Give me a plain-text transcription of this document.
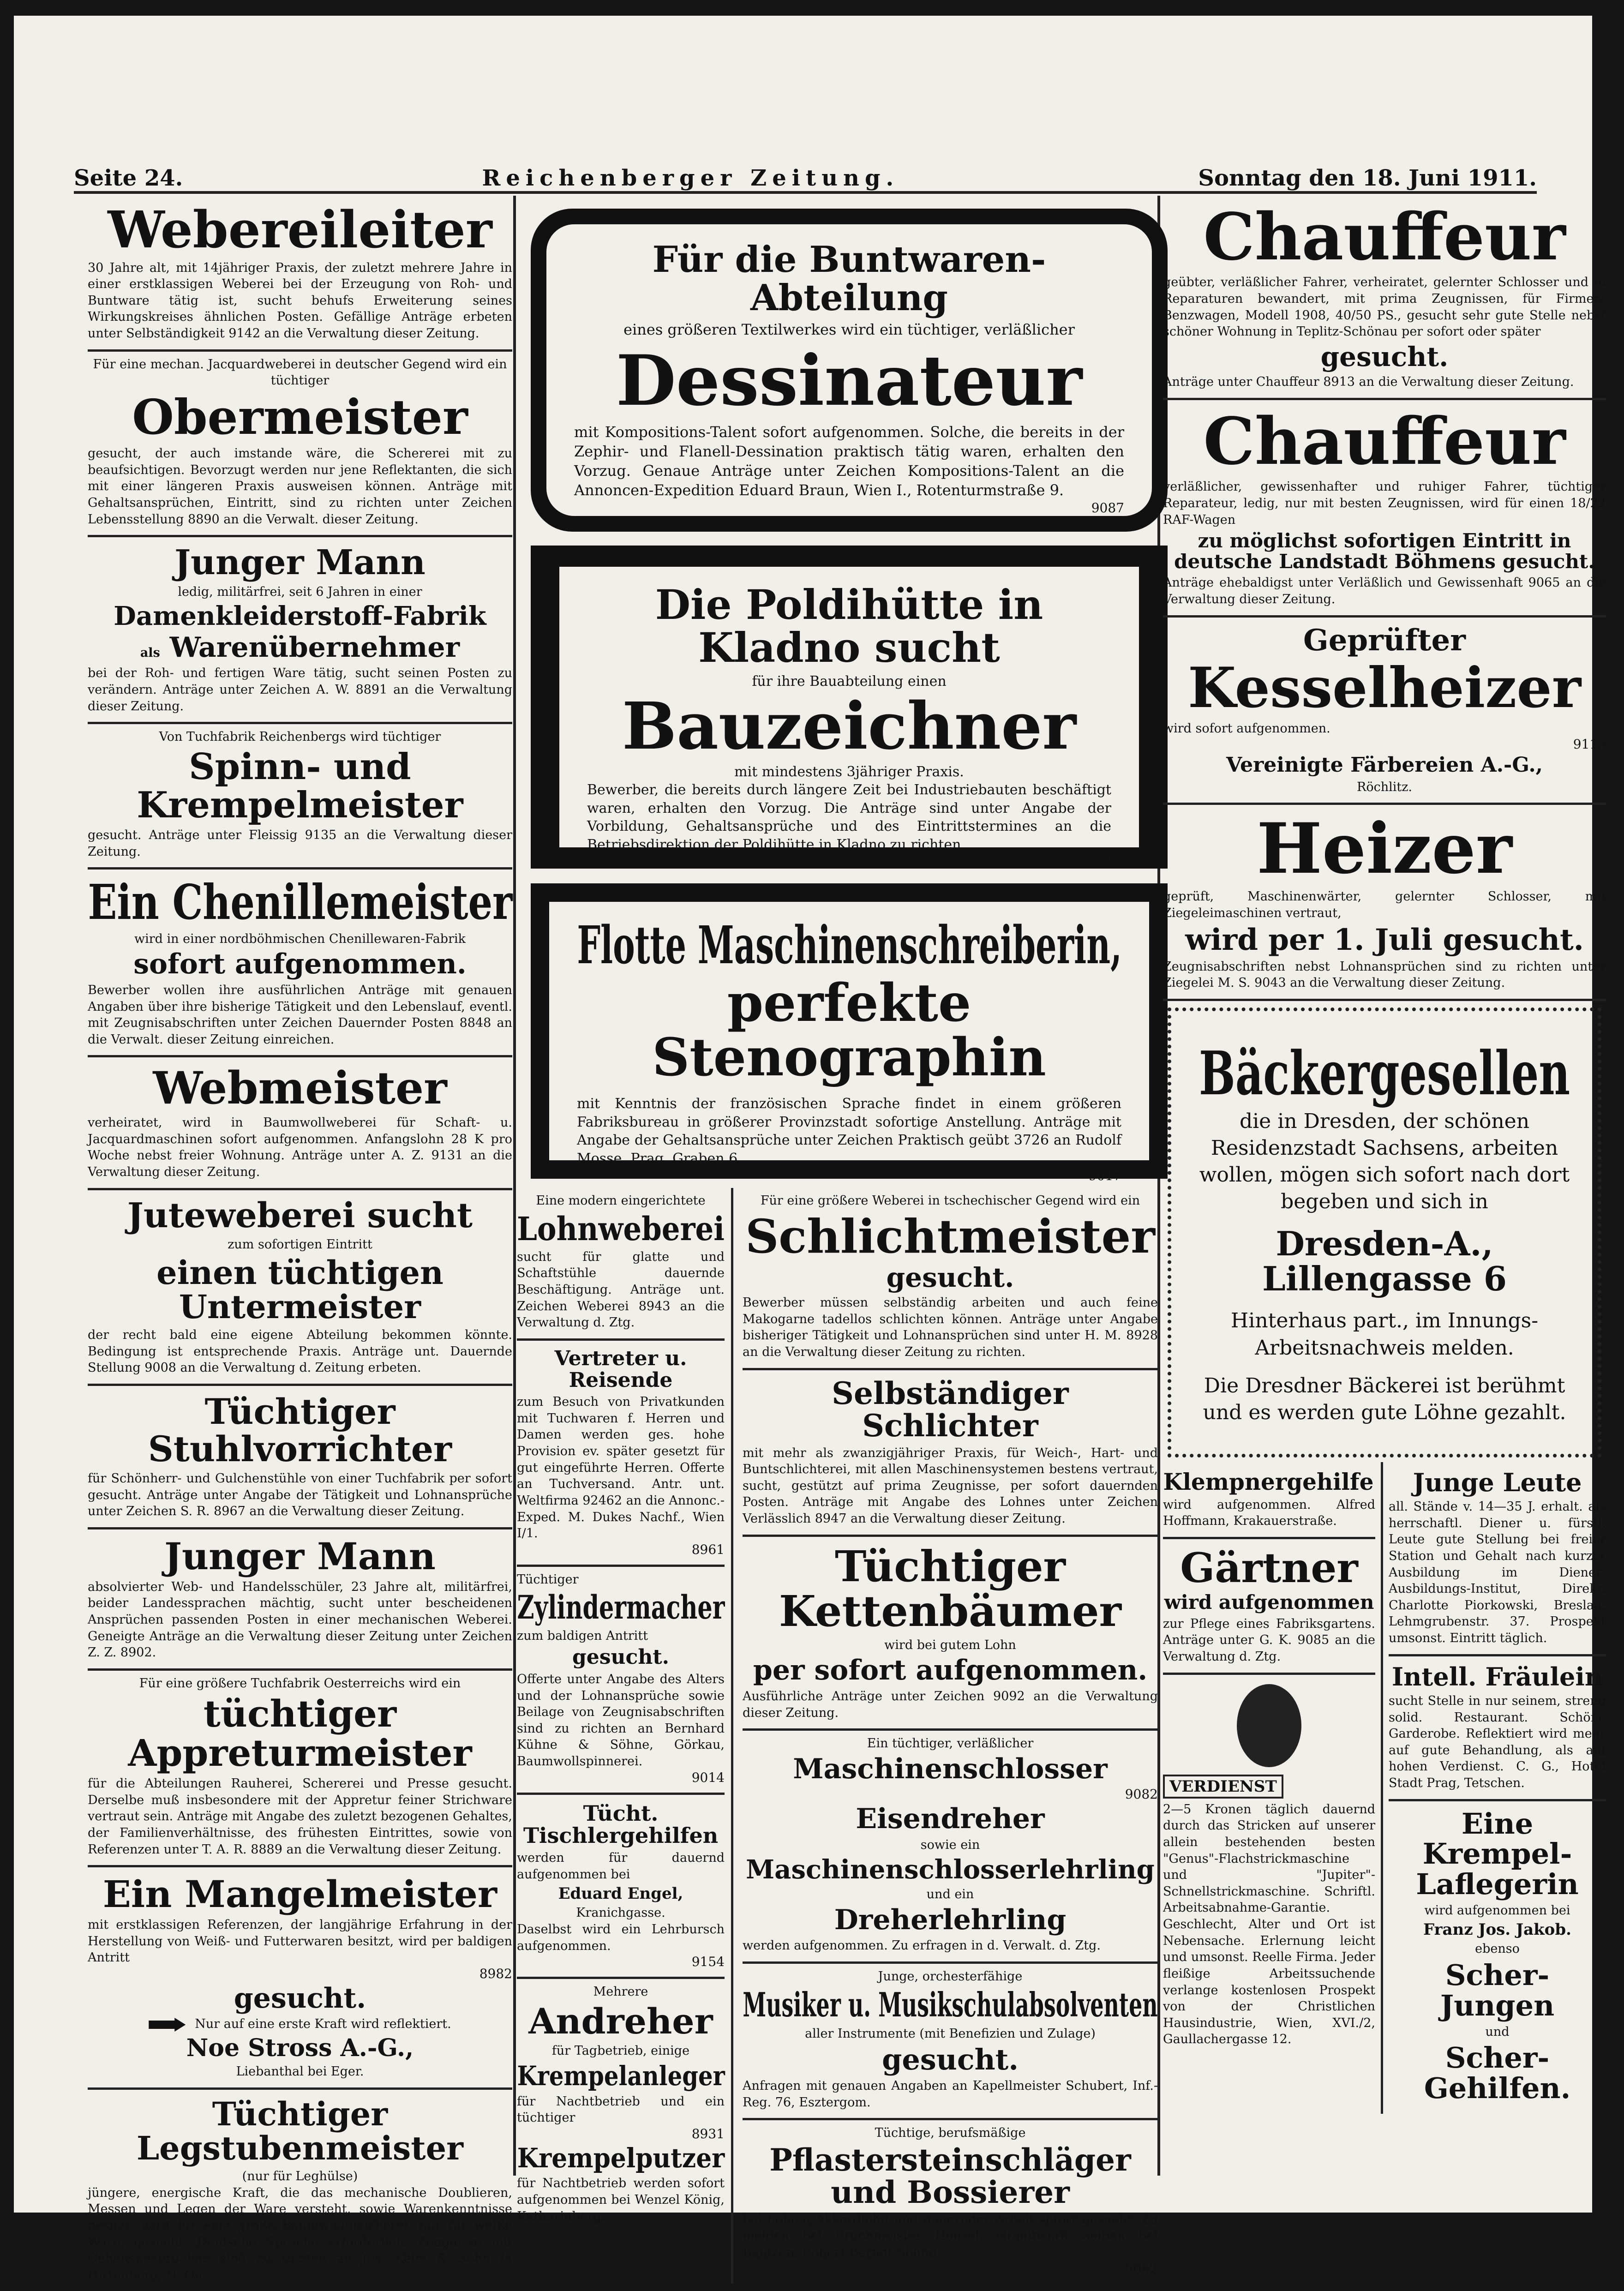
Seite 24.	Reichenberger Zeitung.	Sonntag den 18. Juni 1911.
Webereileiter
30 Jahre alt, mit 14jähriger Praxis, der zuletzt mehrere Jahre in einer erstklassigen Weberei bei der Erzeugung von Roh- und Buntware tätig ist, sucht behufs Erweiterung seines Wirkungskreises ähnlichen Posten. Gefällige Anträge erbeten unter Selbständigkeit 9142 an die Verwaltung dieser Zeitung.
Für eine mechan. Jacquardweberei in deutscher Gegend wird ein tüchtiger
Obermeister
gesucht, der auch imstande wäre, die Schererei mit zu beaufsichtigen. Bevorzugt werden nur jene Reflektanten, die sich mit einer längeren Praxis ausweisen können. Anträge mit Gehaltsansprüchen, Eintritt, sind zu richten unter Zeichen Lebensstellung 8890 an die Verwalt. dieser Zeitung.
Junger Mann
ledig, militärfrei, seit 6 Jahren in einer
Damenkleiderstoff-Fabrik
als Warenübernehmer
bei der Roh- und fertigen Ware tätig, sucht seinen Posten zu verändern. Anträge unter Zeichen A. W. 8891 an die Verwaltung dieser Zeitung.
Von Tuchfabrik Reichenbergs wird tüchtiger
Spinn- und Krempelmeister
gesucht. Anträge unter Fleissig 9135 an die Verwaltung dieser Zeitung.
Ein Chenillemeister
wird in einer nordböhmischen Chenillewaren-Fabrik
sofort aufgenommen.
Bewerber wollen ihre ausführlichen Anträge mit genauen Angaben über ihre bisherige Tätigkeit und den Lebenslauf, eventl. mit Zeugnisabschriften unter Zeichen Dauernder Posten 8848 an die Verwalt. dieser Zeitung einreichen.
Webmeister
verheiratet, wird in Baumwollweberei für Schaft- u. Jacquardmaschinen sofort aufgenommen. Anfangslohn 28 K pro Woche nebst freier Wohnung. Anträge unter A. Z. 9131 an die Verwaltung dieser Zeitung.
Juteweberei sucht
zum sofortigen Eintritt
einen tüchtigen Untermeister
der recht bald eine eigene Abteilung bekommen könnte. Bedingung ist entsprechende Praxis. Anträge unt. Dauernde Stellung 9008 an die Verwaltung d. Zeitung erbeten.
Tüchtiger Stuhlvorrichter
für Schönherr- und Gulchenstühle von einer Tuchfabrik per sofort gesucht. Anträge unter Angabe der Tätigkeit und Lohnansprüche unter Zeichen S. R. 8967 an die Verwaltung dieser Zeitung.
Junger Mann
absolvierter Web- und Handelsschüler, 23 Jahre alt, militärfrei, beider Landessprachen mächtig, sucht unter bescheidenen Ansprüchen passenden Posten in einer mechanischen Weberei. Geneigte Anträge an die Verwaltung dieser Zeitung unter Zeichen Z. Z. 8902.
Für eine größere Tuchfabrik Oesterreichs wird ein
tüchtiger Appreturmeister
für die Abteilungen Rauherei, Schererei und Presse gesucht. Derselbe muß insbesondere mit der Appretur feiner Strichware vertraut sein. Anträge mit Angabe des zuletzt bezogenen Gehaltes, der Familienverhältnisse, des frühesten Eintrittes, sowie von Referenzen unter T. A. R. 8889 an die Verwaltung dieser Zeitung.
Ein Mangelmeister
mit erstklassigen Referenzen, der langjährige Erfahrung in der Herstellung von Weiß- und Futterwaren besitzt, wird per baldigen Antritt
8982
gesucht.
Nur auf eine erste Kraft wird reflektiert.
Noe Stross A.-G.,
Liebanthal bei Eger.
Tüchtiger Legstubenmeister
(nur für Leghülse)
jüngere, energische Kraft, die das mechanische Doublieren, Messen und Legen der Ware versteht, sowie Warenkenntnisse besitzt, wird für eine große Baumwollbleicherei, nur für weiße Ware, gesucht. Deutsche Sprache erforderlich. Zeugnisse mit Gehaltsansprüchen sind zu richten an Jos. Kelm & Sohn in Hirtenberg, N.-Oe.
Für die Buntwaren-Abteilung
eines größeren Textilwerkes wird ein tüchtiger, verläßlicher
Dessinateur
mit Kompositions-Talent sofort aufgenommen. Solche, die bereits in der Zephir- und Flanell-Dessination praktisch tätig waren, erhalten den Vorzug. Genaue Anträge unter Zeichen Kompositions-Talent an die Annoncen-Expedition Eduard Braun, Wien I., Rotenturmstraße 9.
9087
Die Poldihütte in Kladno sucht
für ihre Bauabteilung einen
Bauzeichner
mit mindestens 3jähriger Praxis.
Bewerber, die bereits durch längere Zeit bei Industriebauten beschäftigt waren, erhalten den Vorzug. Die Anträge sind unter Angabe der Vorbildung, Gehaltsansprüche und des Eintrittstermines an die Betriebsdirektion der Poldihütte in Kladno zu richten.
9018
Flotte Maschinenschreiberin,
perfekte Stenographin
mit Kenntnis der französischen Sprache findet in einem größeren Fabriksbureau in größerer Provinzstadt sofortige Anstellung. Anträge mit Angabe der Gehaltsansprüche unter Zeichen Praktisch geübt 3726 an Rudolf Mosse, Prag, Graben 6.
9017
Eine modern eingerichtete
Lohnweberei
sucht für glatte und Schaftstühle dauernde Beschäftigung. Anträge unt. Zeichen Weberei 8943 an die Verwaltung d. Ztg.
Vertreter u. Reisende
zum Besuch von Privatkunden mit Tuchwaren f. Herren und Damen werden ges. hohe Provision ev. später gesetzt für gut eingeführte Herren. Offerte an Tuchversand. Antr. unt. Weltfirma 92462 an die Annonc.-Exped. M. Dukes Nachf., Wien I/1.
8961
Tüchtiger
Zylindermacher
zum baldigen Antritt
gesucht.
Offerte unter Angabe des Alters und der Lohnansprüche sowie Beilage von Zeugnisabschriften sind zu richten an Bernhard Kühne & Söhne, Görkau, Baumwollspinnerei.
9014
Tücht. Tischlergehilfen
werden für dauernd aufgenommen bei
Eduard Engel,
Kranichgasse.
Daselbst wird ein Lehrbursch aufgenommen.
9154
Mehrere
Andreher
für Tagbetrieb, einige
Krempelanleger
für Nachtbetrieb und ein tüchtiger
8931
Krempelputzer
für Nachtbetrieb werden sofort aufgenommen bei Wenzel König, Katharinberg.
Für eine größere Weberei in tschechischer Gegend wird ein
Schlichtmeister
gesucht.
Bewerber müssen selbständig arbeiten und auch feine Makogarne tadellos schlichten können. Anträge unter Angabe bisheriger Tätigkeit und Lohnansprüchen sind unter H. M. 8928 an die Verwaltung dieser Zeitung zu richten.
Selbständiger Schlichter
mit mehr als zwanzigjähriger Praxis, für Weich-, Hart- und Buntschlichterei, mit allen Maschinensystemen bestens vertraut, sucht, gestützt auf prima Zeugnisse, per sofort dauernden Posten. Anträge mit Angabe des Lohnes unter Zeichen Verlässlich 8947 an die Verwaltung dieser Zeitung.
Tüchtiger Kettenbäumer
wird bei gutem Lohn
per sofort aufgenommen.
Ausführliche Anträge unter Zeichen 9092 an die Verwaltung dieser Zeitung.
Ein tüchtiger, verläßlicher
Maschinenschlosser
9082
Eisendreher
sowie ein
Maschinenschlosserlehrling
und ein
Dreherlehrling
werden aufgenommen. Zu erfragen in d. Verwalt. d. Ztg.
Junge, orchesterfähige
Musiker u. Musikschulabsolventen
aller Instrumente (mit Benefizien und Zulage)
gesucht.
Anfragen mit genauen Angaben an Kapellmeister Schubert, Inf.-Reg. 76, Esztergom.
Tüchtige, berufsmäßige
Pflastersteinschläger und Bossierer
bei hohem Akkordlohn und dauernder Arbeit sofort gesucht. Zu melden bei Bruchmeister Hensel, Granitwerk Seiban bei Bautzen, Robert Berndt Söhne.
9062
Chauffeur
geübter, verläßlicher Fahrer, verheiratet, gelernter Schlosser und in Reparaturen bewandert, mit prima Zeugnissen, für Firmen-Benzwagen, Modell 1908, 40/50 PS., gesucht sehr gute Stelle nebst schöner Wohnung in Teplitz-Schönau per sofort oder später
gesucht.
Anträge unter Chauffeur 8913 an die Verwaltung dieser Zeitung.
Chauffeur
verläßlicher, gewissenhafter und ruhiger Fahrer, tüchtiger Reparateur, ledig, nur mit besten Zeugnissen, wird für einen 18/22 RAF-Wagen
zu möglichst sofortigen Eintritt in deutsche Landstadt Böhmens gesucht.
Anträge ehebaldigst unter Verläßlich und Gewissenhaft 9065 an die Verwaltung dieser Zeitung.
Geprüfter
Kesselheizer
wird sofort aufgenommen.
9115
Vereinigte Färbereien A.-G.,
Röchlitz.
Heizer
geprüft, Maschinenwärter, gelernter Schlosser, mit Ziegeleimaschinen vertraut,
wird per 1. Juli gesucht.
Zeugnisabschriften nebst Lohnansprüchen sind zu richten unter Ziegelei M. S. 9043 an die Verwaltung dieser Zeitung.
Bäckergesellen
die in Dresden, der schönen Residenzstadt Sachsens, arbeiten wollen, mögen sich sofort nach dort begeben und sich in
Dresden-A., Lillengasse 6
Hinterhaus part., im Innungs-Arbeitsnachweis melden.
Die Dresdner Bäckerei ist berühmt und es werden gute Löhne gezahlt.
Klempnergehilfe
wird aufgenommen. Alfred Hoffmann, Krakauerstraße.
Gärtner
wird aufgenommen
zur Pflege eines Fabriksgartens. Anträge unter G. K. 9085 an die Verwaltung d. Ztg.
VERDIENST
2—5 Kronen täglich dauernd durch das Stricken auf unserer allein bestehenden besten "Genus"-Flachstrickmaschine und "Jupiter"-Schnellstrickmaschine. Schriftl. Arbeitsabnahme-Garantie. Geschlecht, Alter und Ort ist Nebensache. Erlernung leicht und umsonst. Reelle Firma. Jeder fleißige Arbeitssuchende verlange kostenlosen Prospekt von der Christlichen Hausindustrie, Wien, XVI./2, Gaullachergasse 12.
Junge Leute
all. Stände v. 14—35 J. erhalt. als herrschaftl. Diener u. fürstl. Leute gute Stellung bei freier Station und Gehalt nach kurzer Ausbildung im Diener-Ausbildungs-Institut, Direkt. Charlotte Piorkowski, Breslau, Lehmgrubenstr. 37. Prospekt umsonst. Eintritt täglich.
Intell. Fräulein
sucht Stelle in nur seinem, streng solid. Restaurant. Schöne Garderobe. Reflektiert wird mehr auf gute Behandlung, als auf hohen Verdienst. C. G., Hotel Stadt Prag, Tetschen.
Eine Krempel-Laflegerin
wird aufgenommen bei
Franz Jos. Jakob.
ebenso
Scher-Jungen
und
Scher-Gehilfen.
